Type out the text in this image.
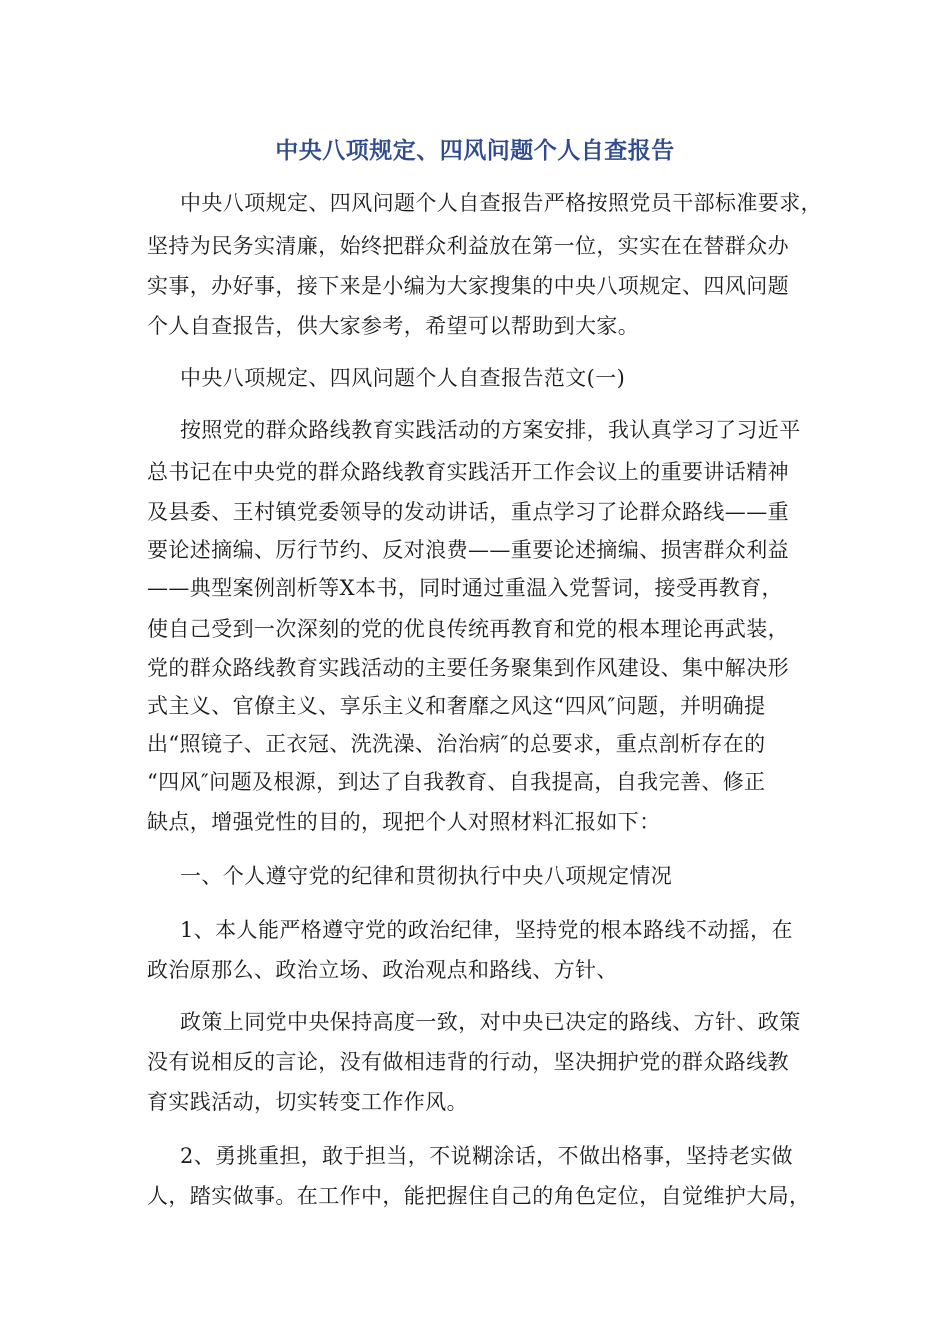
中央八项规定、四风问题个人自查报告
中央八项规定、四风问题个人自查报告严格按照党员干部标准要求，
坚持为民务实清廉，始终把群众利益放在第一位，实实在在替群众办
实事，办好事，接下来是小编为大家搜集的中央八项规定、四风问题
个人自查报告，供大家参考，希望可以帮助到大家。
中央八项规定、四风问题个人自查报告范文(一)
按照党的群众路线教育实践活动的方案安排，我认真学习了习近平
总书记在中央党的群众路线教育实践活开工作会议上的重要讲话精神
及县委、王村镇党委领导的发动讲话，重点学习了论群众路线——重
要论述摘编、厉行节约、反对浪费——重要论述摘编、损害群众利益
——典型案例剖析等X本书，同时通过重温入党誓词，接受再教育，
使自己受到一次深刻的党的优良传统再教育和党的根本理论再武装，
党的群众路线教育实践活动的主要任务聚集到作风建设、集中解决形
式主义、官僚主义、享乐主义和奢靡之风这“四风″问题，并明确提
出“照镜子、正衣冠、洗洗澡、治治病″的总要求，重点剖析存在的
“四风″问题及根源，到达了自我教育、自我提高，自我完善、修正
缺点，增强党性的目的，现把个人对照材料汇报如下：
一、个人遵守党的纪律和贯彻执行中央八项规定情况
1、本人能严格遵守党的政治纪律，坚持党的根本路线不动摇，在
政治原那么、政治立场、政治观点和路线、方针、
政策上同党中央保持高度一致，对中央已决定的路线、方针、政策
没有说相反的言论，没有做相违背的行动，坚决拥护党的群众路线教
育实践活动，切实转变工作作风。
2、勇挑重担，敢于担当，不说糊涂话，不做出格事，坚持老实做
人，踏实做事。在工作中，能把握住自己的角色定位，自觉维护大局，
